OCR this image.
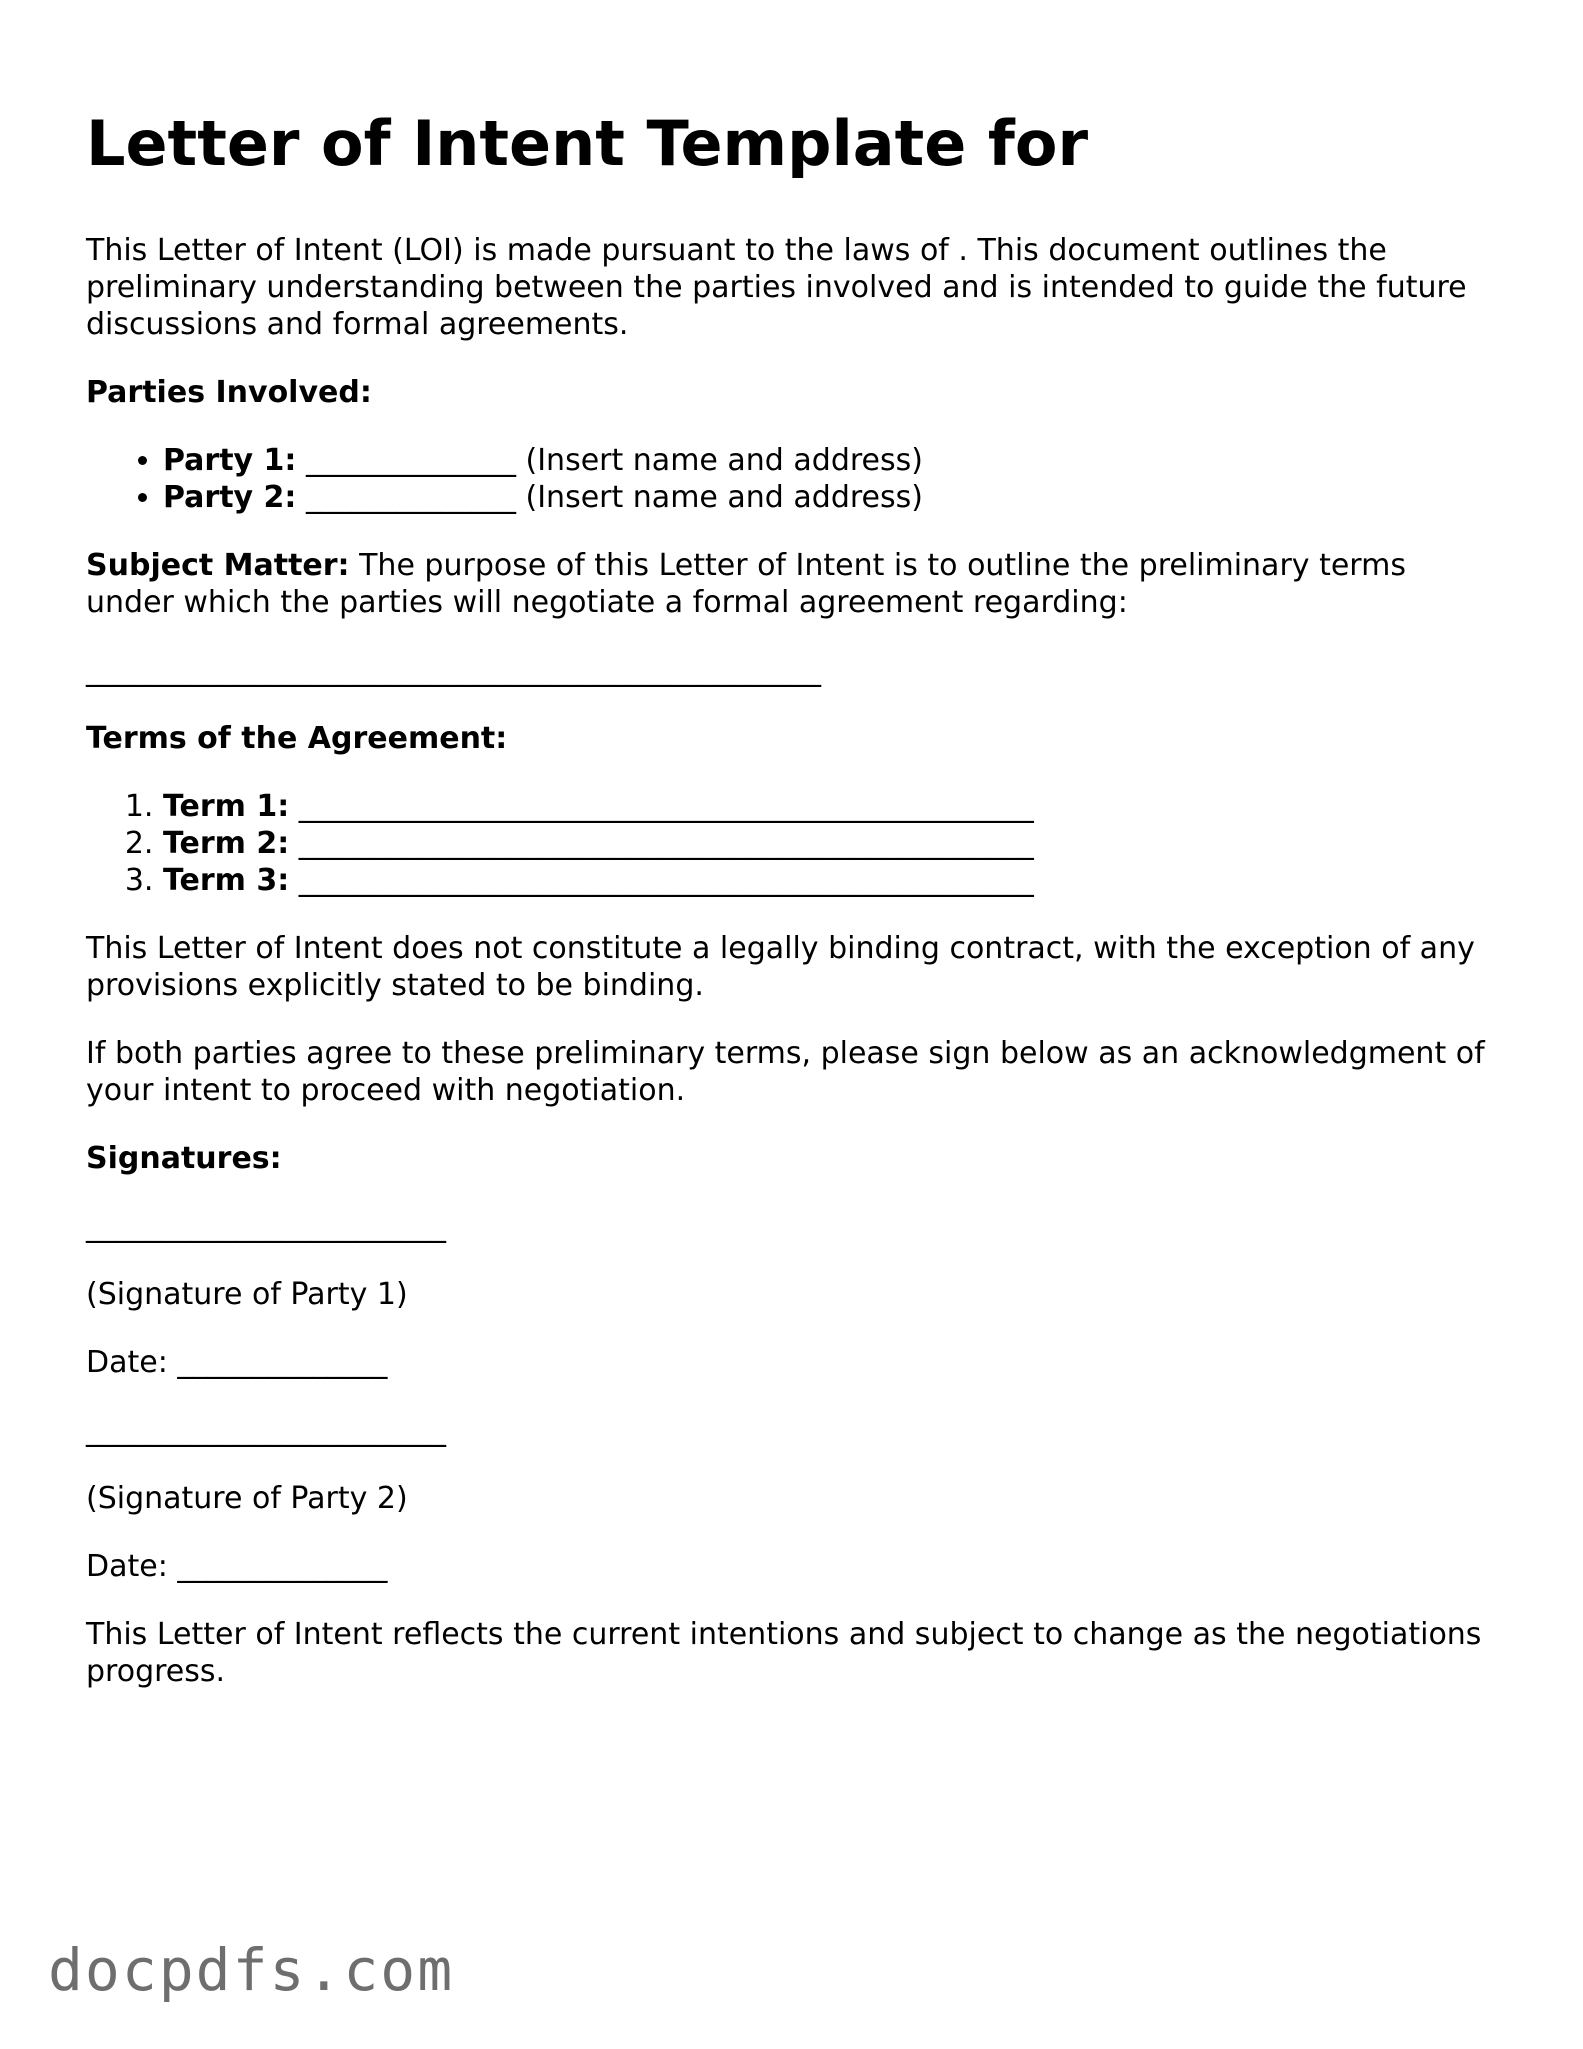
Letter of Intent Template for

This Letter of Intent (LOI) is made pursuant to the laws of . This document outlines the preliminary understanding between the parties involved and is intended to guide the future discussions and formal agreements.

Parties Involved:

• Party 1: ______________ (Insert name and address)
• Party 2: ______________ (Insert name and address)

Subject Matter: The purpose of this Letter of Intent is to outline the preliminary terms under which the parties will negotiate a formal agreement regarding:

_________________________________________________

Terms of the Agreement:

1. Term 1: _________________________________________________
2. Term 2: _________________________________________________
3. Term 3: _________________________________________________

This Letter of Intent does not constitute a legally binding contract, with the exception of any provisions explicitly stated to be binding.

If both parties agree to these preliminary terms, please sign below as an acknowledgment of your intent to proceed with negotiation.

Signatures:

________________________

(Signature of Party 1)

Date: ______________

________________________

(Signature of Party 2)

Date: ______________

This Letter of Intent reflects the current intentions and subject to change as the negotiations progress.

docpdfs.com
